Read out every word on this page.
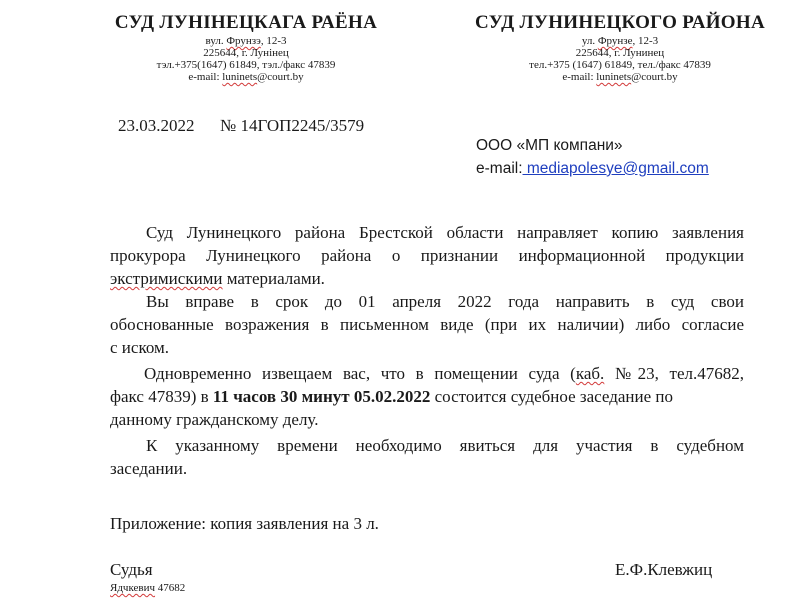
СУД ЛУНІНЕЦКАГА РАЁНА
вул. Фрунзэ, 12-3
225644, г. Лунінец
тэл.+375(1647) 61849, тэл./факс 47839
e-mail: luninets@court.by
СУД ЛУНИНЕЦКОГО РАЙОНА
ул. Фрунзе, 12-3
225644, г. Лунинец
тел.+375 (1647) 61849, тел./факс 47839
e-mail: luninets@court.by
23.03.2022 № 14ГОП2245/3579
ООО «МП компани»
e-mail: mediapolesye@gmail.com
Суд Лунинецкого района Брестской области направляет копию заявления
прокурора Лунинецкого района о признании информационной продукции
экстримискими материалами.
Вы вправе в срок до 01 апреля 2022 года направить в суд свои
обоснованные возражения в письменном виде (при их наличии) либо согласие
с иском.
Одновременно извещаем вас, что в помещении суда (каб. №23, тел.47682,
факс 47839) в 11 часов 30 минут 05.02.2022 состоится судебное заседание по
данному гражданскому делу.
К указанному времени необходимо явиться для участия в судебном
заседании.
Приложение: копия заявления на 3 л.
Судья	Е.Ф.Клевжиц
Ядчкевич 47682
